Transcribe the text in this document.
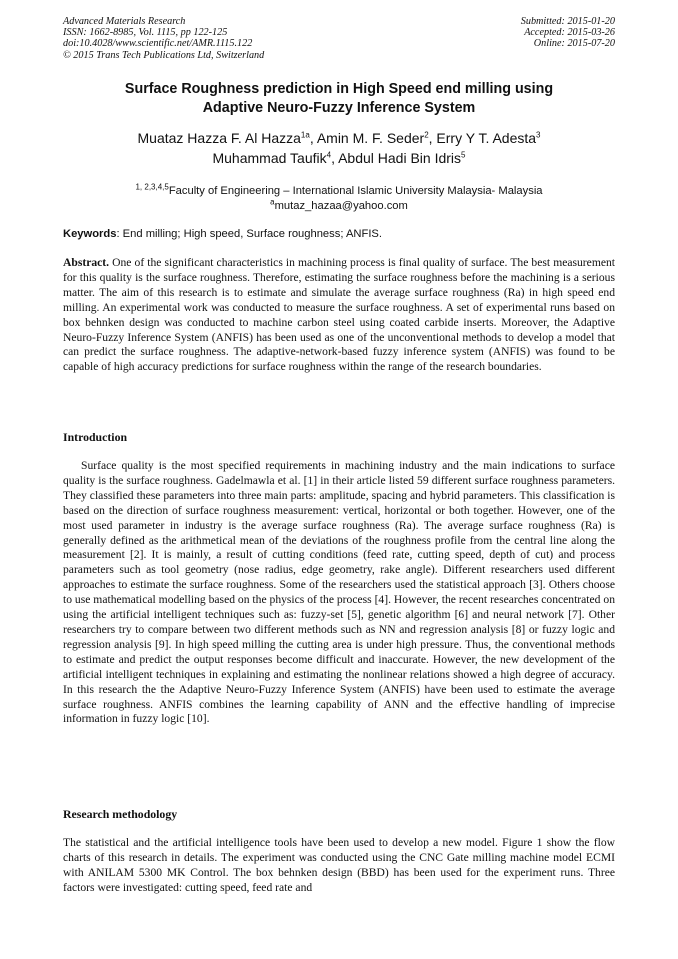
Advanced Materials Research
ISSN: 1662-8985, Vol. 1115, pp 122-125
doi:10.4028/www.scientific.net/AMR.1115.122
© 2015 Trans Tech Publications Ltd, Switzerland
Submitted: 2015-01-20
Accepted: 2015-03-26
Online: 2015-07-20
Surface Roughness prediction in High Speed end milling using
Adaptive Neuro-Fuzzy Inference System
Muataz Hazza F. Al Hazza$^{1a}$, Amin M. F. Seder$^2$, Erry Y T. Adesta$^3$
Muhammad Taufik$^4$, Abdul Hadi Bin Idris$^5$
$^{1, 2,3,4,5}$Faculty of Engineering – International Islamic University Malaysia- Malaysia
$^a$mutaz_hazaa@yahoo.com
Keywords: End milling; High speed, Surface roughness; ANFIS.
Abstract. One of the significant characteristics in machining process is final quality of surface. The best measurement for this quality is the surface roughness. Therefore, estimating the surface roughness before the machining is a serious matter. The aim of this research is to estimate and simulate the average surface roughness (Ra) in high speed end milling. An experimental work was conducted to measure the surface roughness. A set of experimental runs based on box behnken design was conducted to machine carbon steel using coated carbide inserts. Moreover, the Adaptive Neuro-Fuzzy Inference System (ANFIS) has been used as one of the unconventional methods to develop a model that can predict the surface roughness. The adaptive-network-based fuzzy inference system (ANFIS) was found to be capable of high accuracy predictions for surface roughness within the range of the research boundaries.
Introduction
Surface quality is the most specified requirements in machining industry and the main indications to surface quality is the surface roughness. Gadelmawla et al. [1] in their article listed 59 different surface roughness parameters. They classified these parameters into three main parts: amplitude, spacing and hybrid parameters. This classification is based on the direction of surface roughness measurement: vertical, horizontal or both together. However, one of the most used parameter in industry is the average surface roughness (Ra). The average surface roughness (Ra) is generally defined as the arithmetical mean of the deviations of the roughness profile from the central line along the measurement [2]. It is mainly, a result of cutting conditions (feed rate, cutting speed, depth of cut) and process parameters such as tool geometry (nose radius, edge geometry, rake angle). Different researchers used different approaches to estimate the surface roughness. Some of the researchers used the statistical approach [3]. Others choose to use mathematical modelling based on the physics of the process [4]. However, the recent researches concentrated on using the artificial intelligent techniques such as: fuzzy-set [5], genetic algorithm [6] and neural network [7]. Other researchers try to compare between two different methods such as NN and regression analysis [8] or fuzzy logic and regression analysis [9]. In high speed milling the cutting area is under high pressure. Thus, the conventional methods to estimate and predict the output responses become difficult and inaccurate. However, the new development of the artificial intelligent techniques in explaining and estimating the nonlinear relations showed a high degree of accuracy. In this research the the Adaptive Neuro-Fuzzy Inference System (ANFIS) have been used to estimate the average surface roughness. ANFIS combines the learning capability of ANN and the effective handling of imprecise information in fuzzy logic [10].
Research methodology
The statistical and the artificial intelligence tools have been used to develop a new model. Figure 1 show the flow charts of this research in details. The experiment was conducted using the CNC Gate milling machine model ECMI with ANILAM 5300 MK Control. The box behnken design (BBD) has been used for the experiment runs. Three factors were investigated: cutting speed, feed rate and
